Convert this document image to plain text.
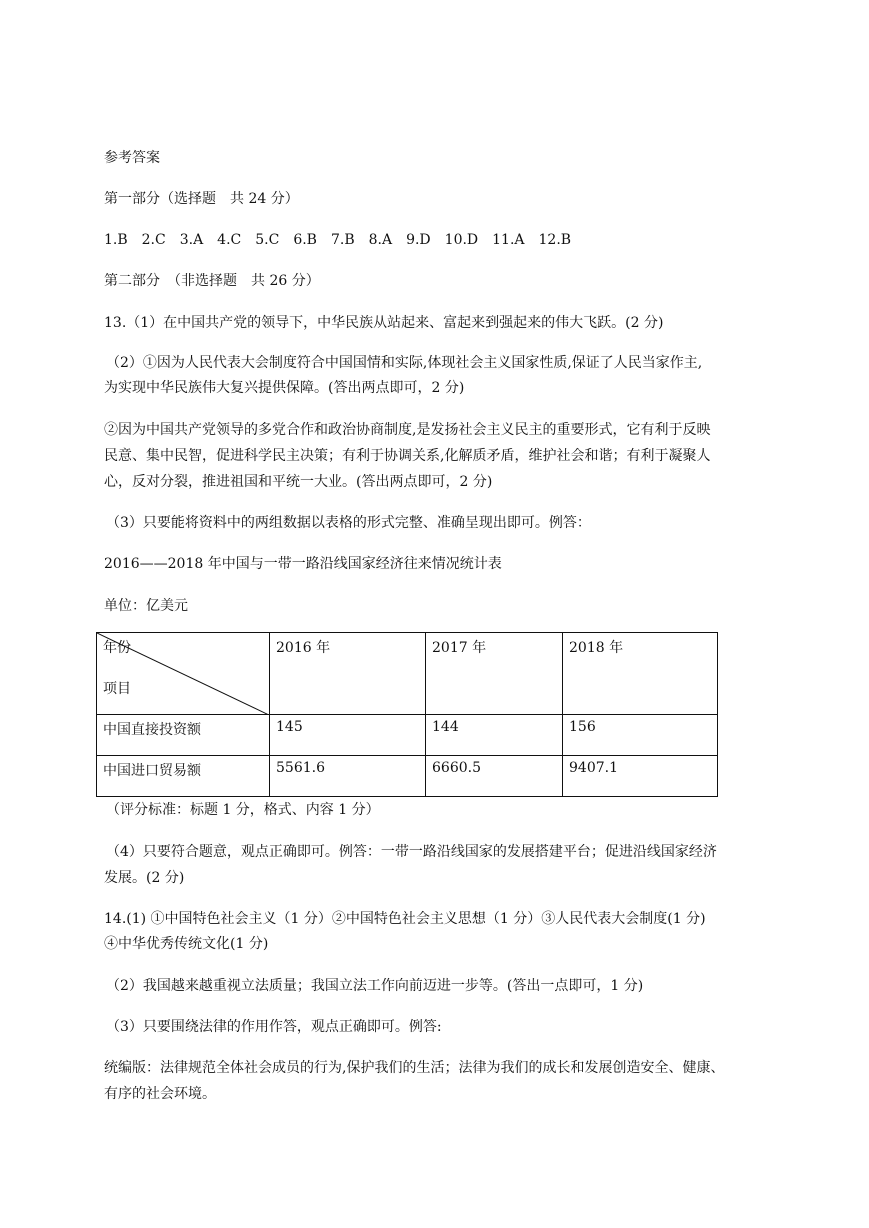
参考答案
第一部分（选择题　共 24 分）
1.B　2.C　3.A　4.C　5.C　6.B　7.B　8.A　9.D　10.D　11.A　12.B
第二部分　（非选择题　共 26 分）
13.（1）在中国共产党的领导下，中华民族从站起来、富起来到强起来的伟大飞跃。(2 分)
（2）①因为人民代表大会制度符合中国国情和实际,体现社会主义国家性质,保证了人民当家作主,
为实现中华民族伟大复兴提供保障。(答出两点即可，2 分)
②因为中国共产党领导的多党合作和政治协商制度,是发扬社会主义民主的重要形式，它有利于反映
民意、集中民智，促进科学民主决策；有利于协调关系,化解质矛盾，维护社会和谐；有利于凝聚人
心，反对分裂，推进祖国和平统一大业。(答出两点即可，2 分)
（3）只要能将资料中的两组数据以表格的形式完整、准确呈现出即可。例答：
2016——2018 年中国与一带一路沿线国家经济往来情况统计表
单位：亿美元
年份
项目	2016 年	2017 年	2018 年
中国直接投资额	145	144	156
中国进口贸易额	5561.6	6660.5	9407.1
（评分标准：标题 1 分，格式、内容 1 分）
（4）只要符合题意，观点正确即可。例答：一带一路沿线国家的发展搭建平台；促进沿线国家经济
发展。(2 分)
14.(1) ①中国特色社会主义（1 分）②中国特色社会主义思想（1 分）③人民代表大会制度(1 分)
④中华优秀传统文化(1 分)
（2）我国越来越重视立法质量；我国立法工作向前迈进一步等。(答出一点即可，1 分)
（3）只要围绕法律的作用作答，观点正确即可。例答:
统编版：法律规范全体社会成员的行为,保护我们的生活；法律为我们的成长和发展创造安全、健康、
有序的社会环境。
